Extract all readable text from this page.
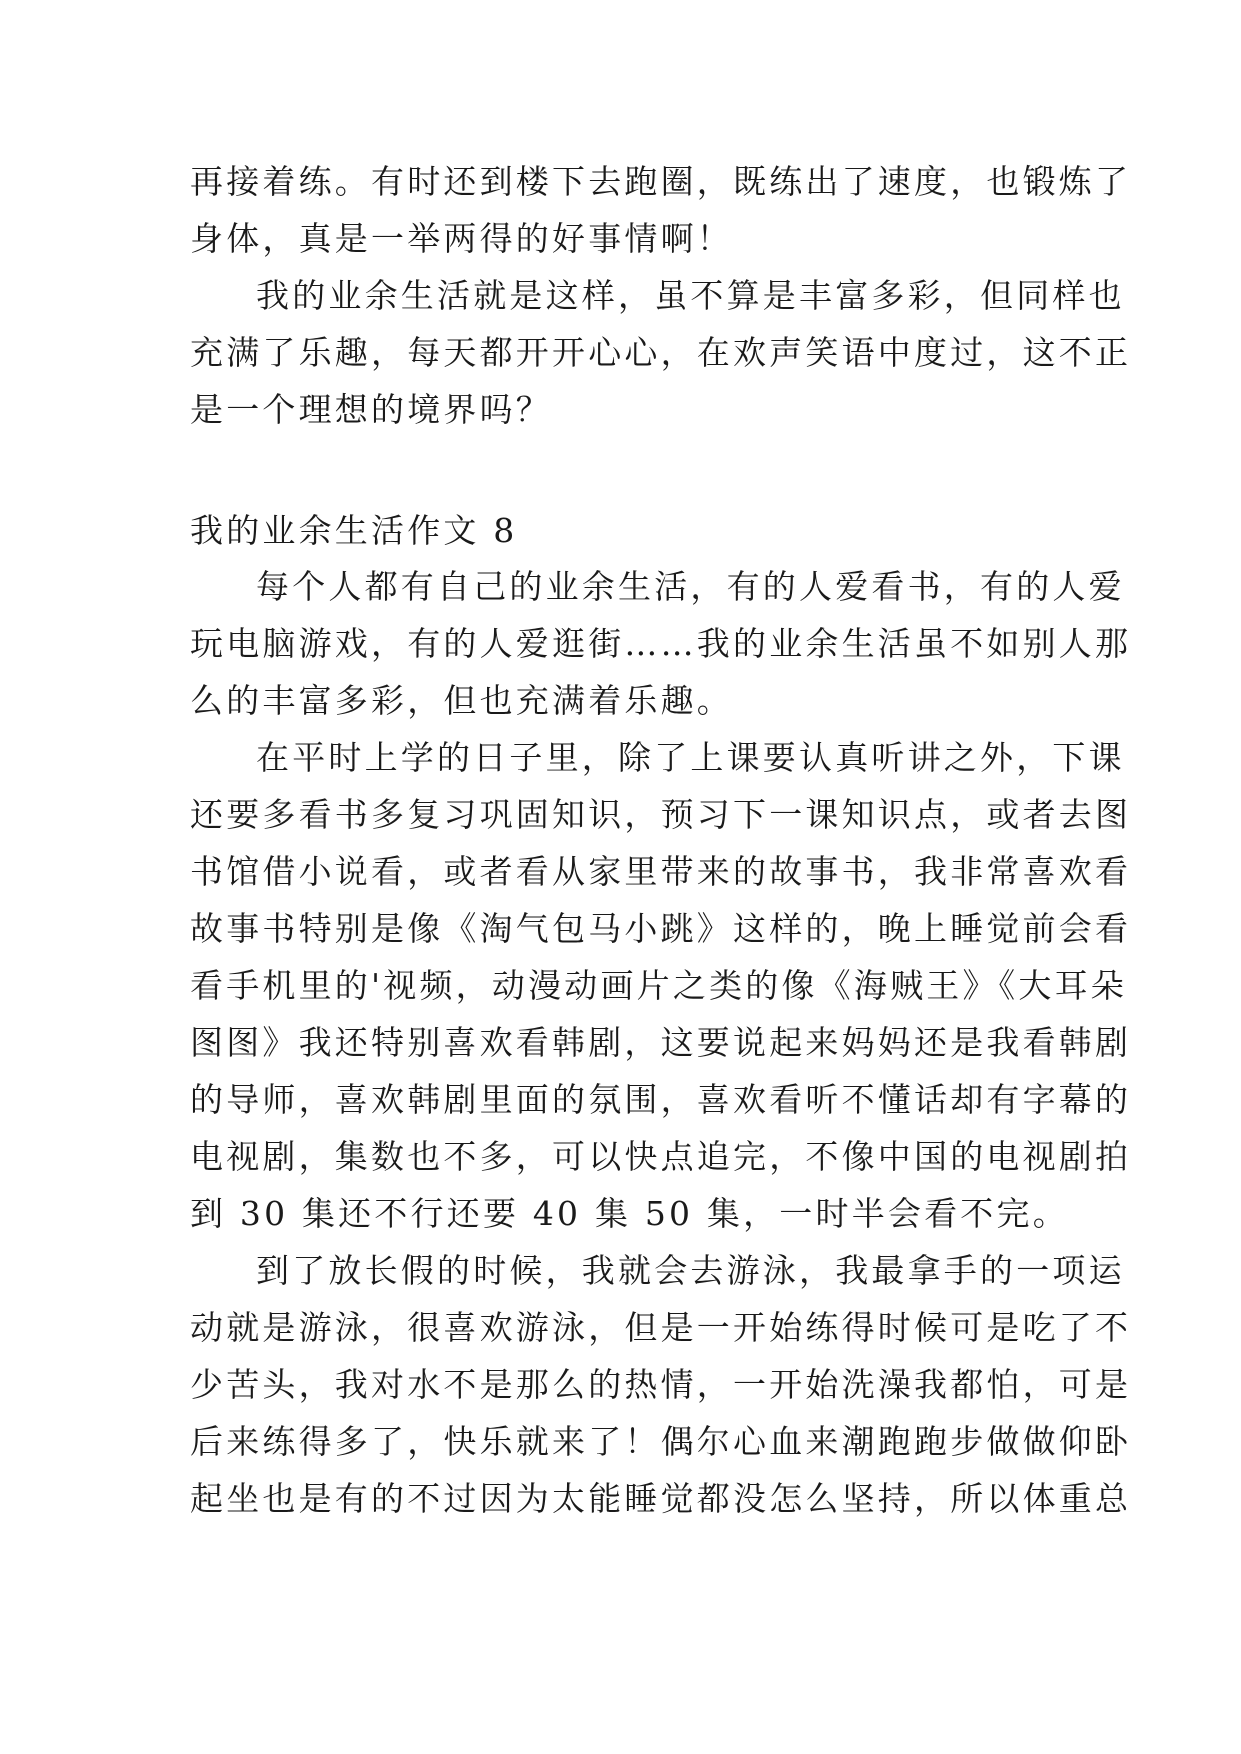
再接着练。有时还到楼下去跑圈，既练出了速度，也锻炼了
身体，真是一举两得的好事情啊！
我的业余生活就是这样，虽不算是丰富多彩，但同样也
充满了乐趣，每天都开开心心，在欢声笑语中度过，这不正
是一个理想的境界吗？
我的业余生活作文 8
每个人都有自己的业余生活，有的人爱看书，有的人爱
玩电脑游戏，有的人爱逛街……我的业余生活虽不如别人那
么的丰富多彩，但也充满着乐趣。
在平时上学的日子里，除了上课要认真听讲之外，下课
还要多看书多复习巩固知识，预习下一课知识点，或者去图
书馆借小说看，或者看从家里带来的故事书，我非常喜欢看
故事书特别是像《淘气包马小跳》这样的，晚上睡觉前会看
看手机里的'视频，动漫动画片之类的像《海贼王》《大耳朵
图图》我还特别喜欢看韩剧，这要说起来妈妈还是我看韩剧
的导师，喜欢韩剧里面的氛围，喜欢看听不懂话却有字幕的
电视剧，集数也不多，可以快点追完，不像中国的电视剧拍
到 30 集还不行还要 40 集 50 集，一时半会看不完。
到了放长假的时候，我就会去游泳，我最拿手的一项运
动就是游泳，很喜欢游泳，但是一开始练得时候可是吃了不
少苦头，我对水不是那么的热情，一开始洗澡我都怕，可是
后来练得多了，快乐就来了！偶尔心血来潮跑跑步做做仰卧
起坐也是有的不过因为太能睡觉都没怎么坚持，所以体重总
